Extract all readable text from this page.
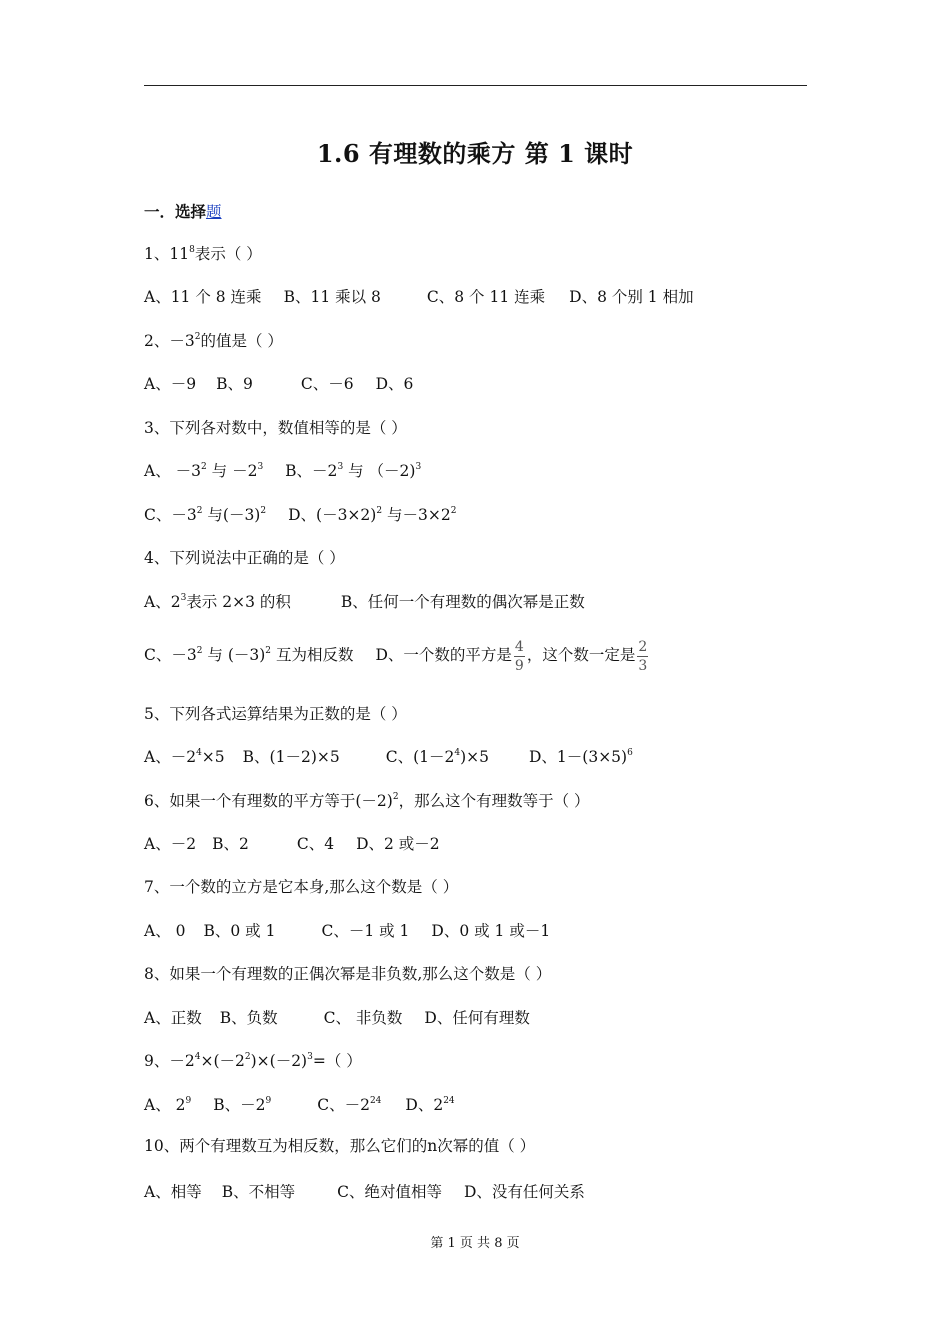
1.6 有理数的乘方 第 1 课时
一．选择题
1、$11^8$表示（ ）
A、11 个 8 连乘 B、11 乘以 8	C、8 个 11 连乘 D、8 个别 1 相加
2、$-3^2$的值是（ ）
A、－9 B、9	C、－6 D、6
3、下列各对数中，数值相等的是（ ）
A、 $-3^2$ 与 $-2^3$ B、$-2^3$ 与 （－2)$^3$
C、$-3^2$ 与$(-3)^2$ D、$(-3\times 2)^2$ 与$-3\times 2^2$
4、下列说法中正确的是（ ）
A、$2^3$表示 2×3 的积	B、任何一个有理数的偶次幂是正数
C、$-3^2$ 与 $(-3)^2$ 互为相反数 D、一个数的平方是 $\frac{4}{9}$ ，这个数一定是 $\frac{2}{3}$
5、下列各式运算结果为正数的是（ ）
A、$-2^4\times 5$ B、(1－2)×5	C、$(1-2^4)\times 5$	D、$1-(3\times 5)^6$
6、如果一个有理数的平方等于$(-2)^2$，那么这个有理数等于（ ）
A、－2 B、2	C、4 D、2 或－2
7、一个数的立方是它本身,那么这个数是（ ）
A、 0 B、0 或 1	C、－1 或 1 D、0 或 1 或－1
8、如果一个有理数的正偶次幂是非负数,那么这个数是（ ）
A、正数 B、负数	C、 非负数 D、任何有理数
9、$-2^4\times(-2^2)\times(-2)^3=$（ ）
A、 $2^9$ B、$-2^9$	C、$-2^{24}$ D、$2^{24}$
10、两个有理数互为相反数，那么它们的n次幂的值（ ）
A、相等 B、不相等	C、绝对值相等 D、没有任何关系
第 1 页 共 8 页
